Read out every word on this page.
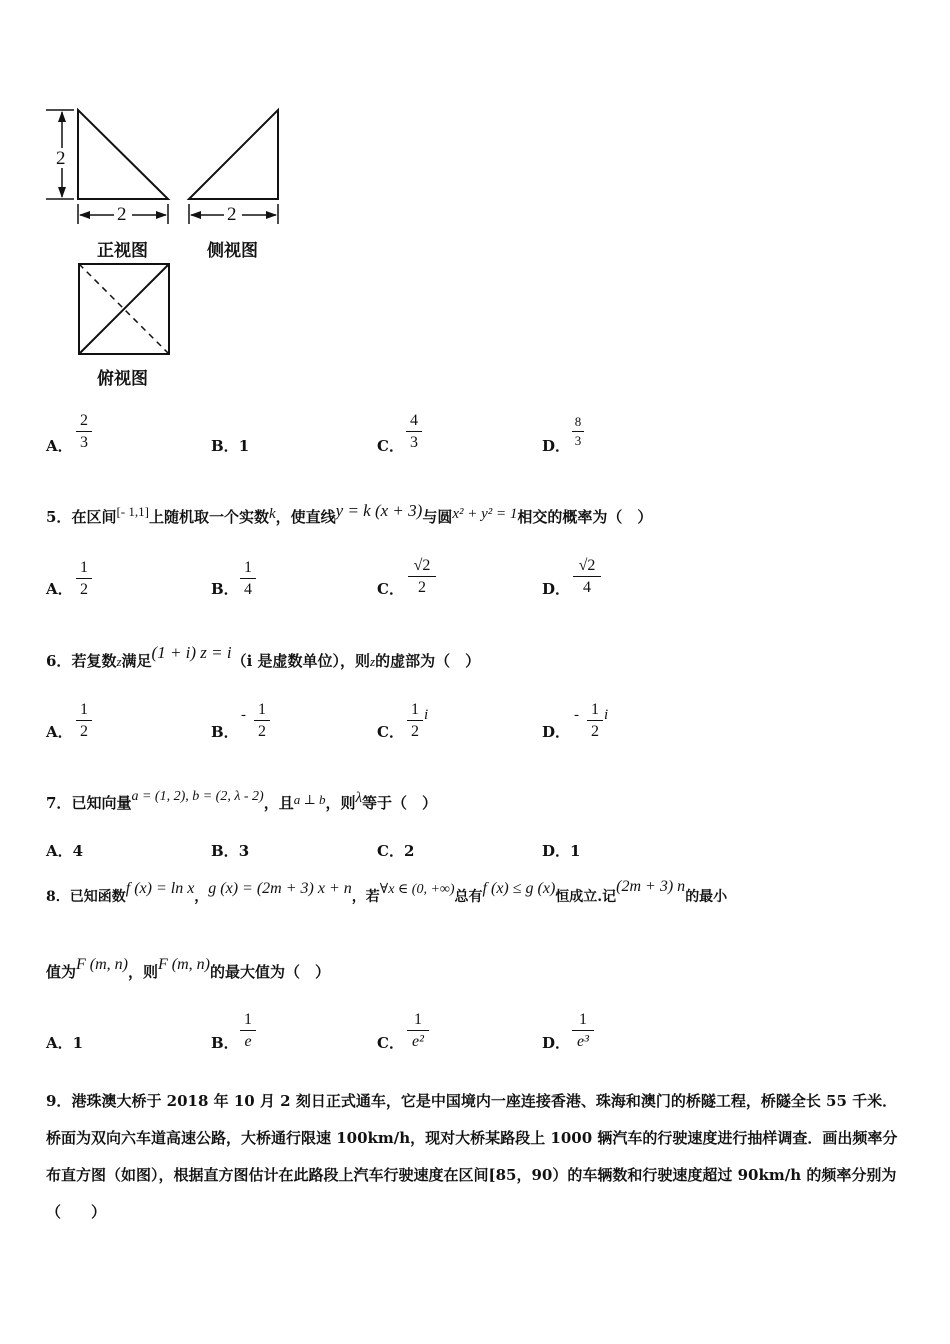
2
2	2
正视图	侧视图
俯视图
A．
2
3	B．1	C．
4
3	D．
8
3
5．在区间[- 1,1]上随机取一个实数k，使直线y = k (x + 3)与圆x² + y² = 1相交的概率为（　）
A．
1
2	B．
1
4	C．
√2
2	D．
√2
4
6．若复数z满足(1 + i) z = i（i 是虚数单位），则z的虚部为（　）
A．
1
2	B．
- 1
2	C．
1
2
i
D．
- 1
2
i
7．已知向量a = (1, 2), b = (2, λ - 2)，且a ⊥ b，则λ等于（　）
A．4	B．3	C．2	D．1
8．已知函数f (x) = ln x，g (x) = (2m + 3) x + n，若∀x ∈ (0, +∞)总有f (x) ≤ g (x)恒成立.记(2m + 3) n的最小
值为F (m, n)，则F (m, n)的最大值为（　）
A．1	B．
1
e	C．
1
e²	D．
1
e³
9．港珠澳大桥于 2018 年 10 月 2 刻日正式通车，它是中国境内一座连接香港、珠海和澳门的桥隧工程，桥隧全长 55 千米．桥面为双向六车道高速公路，大桥通行限速 100km/h，现对大桥某路段上 1000 辆汽车的行驶速度进行抽样调查．画出频率分布直方图（如图），根据直方图估计在此路段上汽车行驶速度在区间[85，90）的车辆数和行驶速度超过 90km/h 的频率分别为（　　）
